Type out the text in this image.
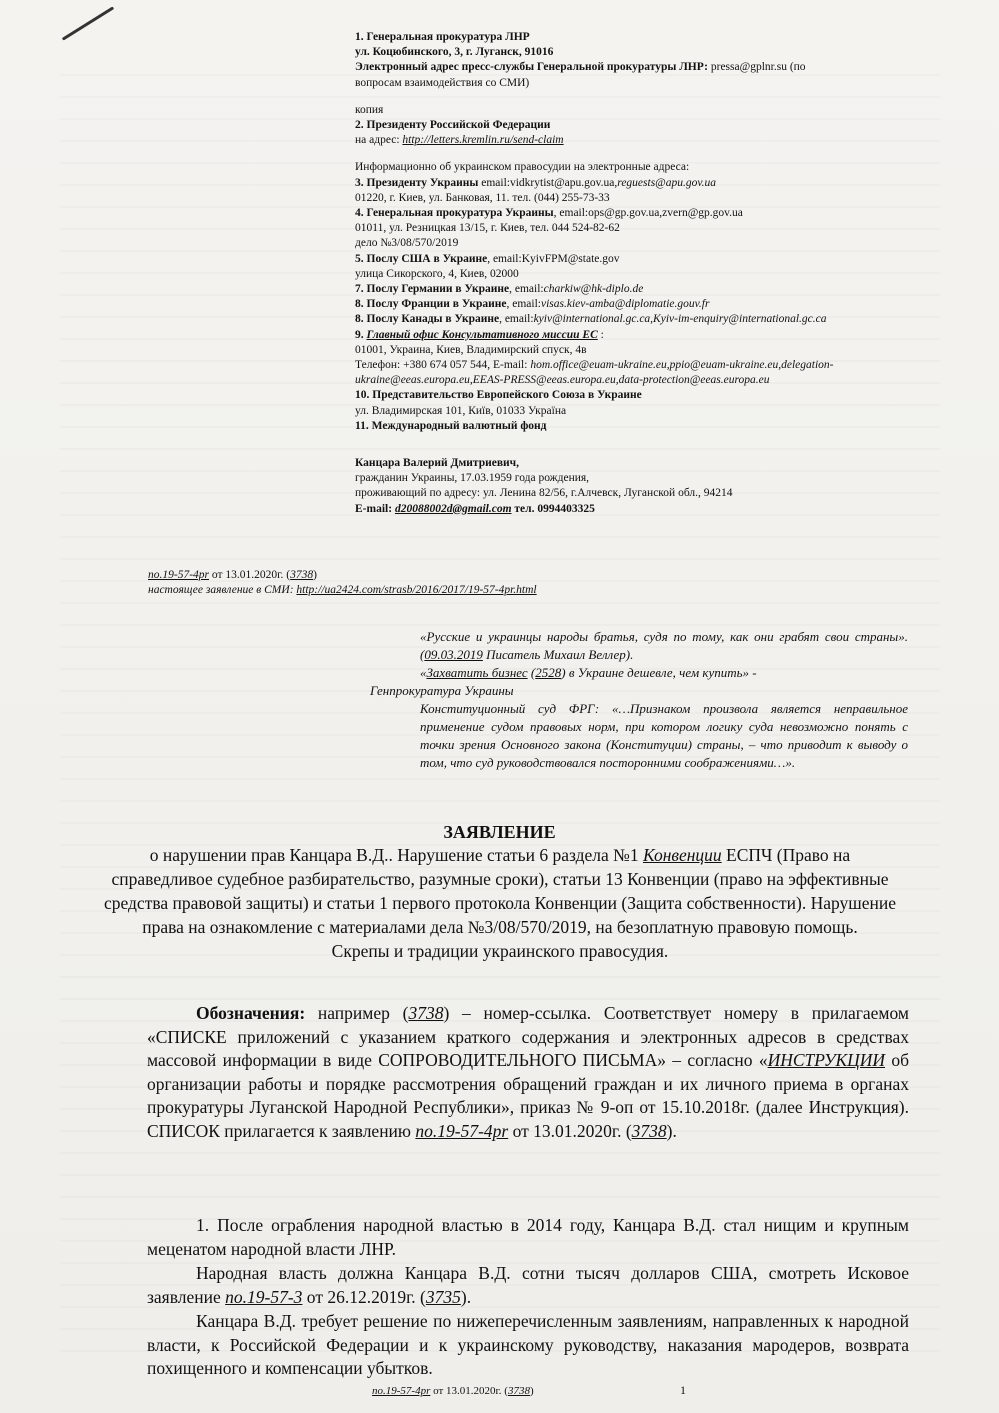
1. Генеральная прокуратура ЛНР
ул. Коцюбинского, 3, г. Луганск, 91016
Электронный адрес пресс-службы Генеральной прокуратуры ЛНР: pressa@gplnr.su (по
вопросам взаимодействия со СМИ)
копия
2. Президенту Российской Федерации
на адрес: http://letters.kremlin.ru/send-claim
Информационно об украинском правосудии на электронные адреса:
3. Президенту Украины email:vidkrytist@apu.gov.ua,reguests@apu.gov.ua
01220, г. Киев, ул. Банковая, 11. тел. (044) 255-73-33
4. Генеральная прокуратура Украины, email:ops@gp.gov.ua,zvern@gp.gov.ua
01011, ул. Резницкая 13/15, г. Киев, тел. 044 524-82-62
дело №3/08/570/2019
5. Послу США в Украине, email:KyivFPM@state.gov
улица Сикорского, 4, Киев, 02000
7. Послу Германии в Украине, email:charkiw@hk-diplo.de
8. Послу Франции в Украине, email:visas.kiev-amba@diplomatie.gouv.fr
8. Послу Канады в Украине, email:kyiv@international.gc.ca,Kyiv-im-enquiry@international.gc.ca
9. Главный офис Консультативного миссии ЕС :
01001, Украина, Киев, Владимирский спуск, 4в
Телефон: +380 674 057 544, E-mail: hom.office@euam-ukraine.eu,ppio@euam-ukraine.eu,delegation-
ukraine@eeas.europa.eu,EEAS-PRESS@eeas.europa.eu,data-protection@eeas.europa.eu
10. Представительство Европейского Союза в Украине
ул. Владимирская 101, Київ, 01033 Україна
11. Международный валютный фонд
Канцара Валерий Дмитриевич,
гражданин Украины, 17.03.1959 года рождения,
проживающий по адресу: ул. Ленина 82/56, г.Алчевск, Луганской обл., 94214
E-mail: d20088002d@gmail.com тел. 0994403325
по.19-57-4pr от 13.01.2020г. (3738)
настоящее заявление в СМИ: http://ua2424.com/strasb/2016/2017/19-57-4pr.html
«Русские и украинцы народы братья, судя по тому, как они грабят свои страны». (09.03.2019 Писатель Михаил Веллер).
«Захватить бизнес (2528) в Украине дешевле, чем купить» -
Генпрокуратура Украины
Конституционный суд ФРГ: «…Признаком произвола является неправильное применение судом правовых норм, при котором логику суда невозможно понять с точки зрения Основного закона (Конституции) страны, – что приводит к выводу о том, что суд руководствовался посторонними соображениями…».
ЗАЯВЛЕНИЕ
о нарушении прав Канцара В.Д.. Нарушение статьи 6 раздела №1 Конвенции ЕСПЧ (Право на справедливое судебное разбирательство, разумные сроки), статьи 13 Конвенции (право на эффективные средства правовой защиты) и статьи 1 первого протокола Конвенции (Защита собственности). Нарушение права на ознакомление с материалами дела №3/08/570/2019, на безоплатную правовую помощь.
Скрепы и традиции украинского правосудия.
Обозначения: например (3738) – номер-ссылка. Соответствует номеру в прилагаемом «СПИСКЕ приложений с указанием краткого содержания и электронных адресов в средствах массовой информации в виде СОПРОВОДИТЕЛЬНОГО ПИСЬМА» – согласно «ИНСТРУКЦИИ об организации работы и порядке рассмотрения обращений граждан и их личного приема в органах прокуратуры Луганской Народной Республики», приказ № 9-оп от 15.10.2018г. (далее Инструкция). СПИСОК прилагается к заявлению по.19-57-4pr от 13.01.2020г. (3738).
1. После ограбления народной властью в 2014 году, Канцара В.Д. стал нищим и крупным меценатом народной власти ЛНР.
Народная власть должна Канцара В.Д. сотни тысяч долларов США, смотреть Исковое заявление по.19-57-3 от 26.12.2019г. (3735).
Канцара В.Д. требует решение по нижеперечисленным заявлениям, направленных к народной власти, к Российской Федерации и к украинскому руководству, наказания мародеров, возврата похищенного и компенсации убытков.
по.19-57-4pr от 13.01.2020г. (3738)	1
